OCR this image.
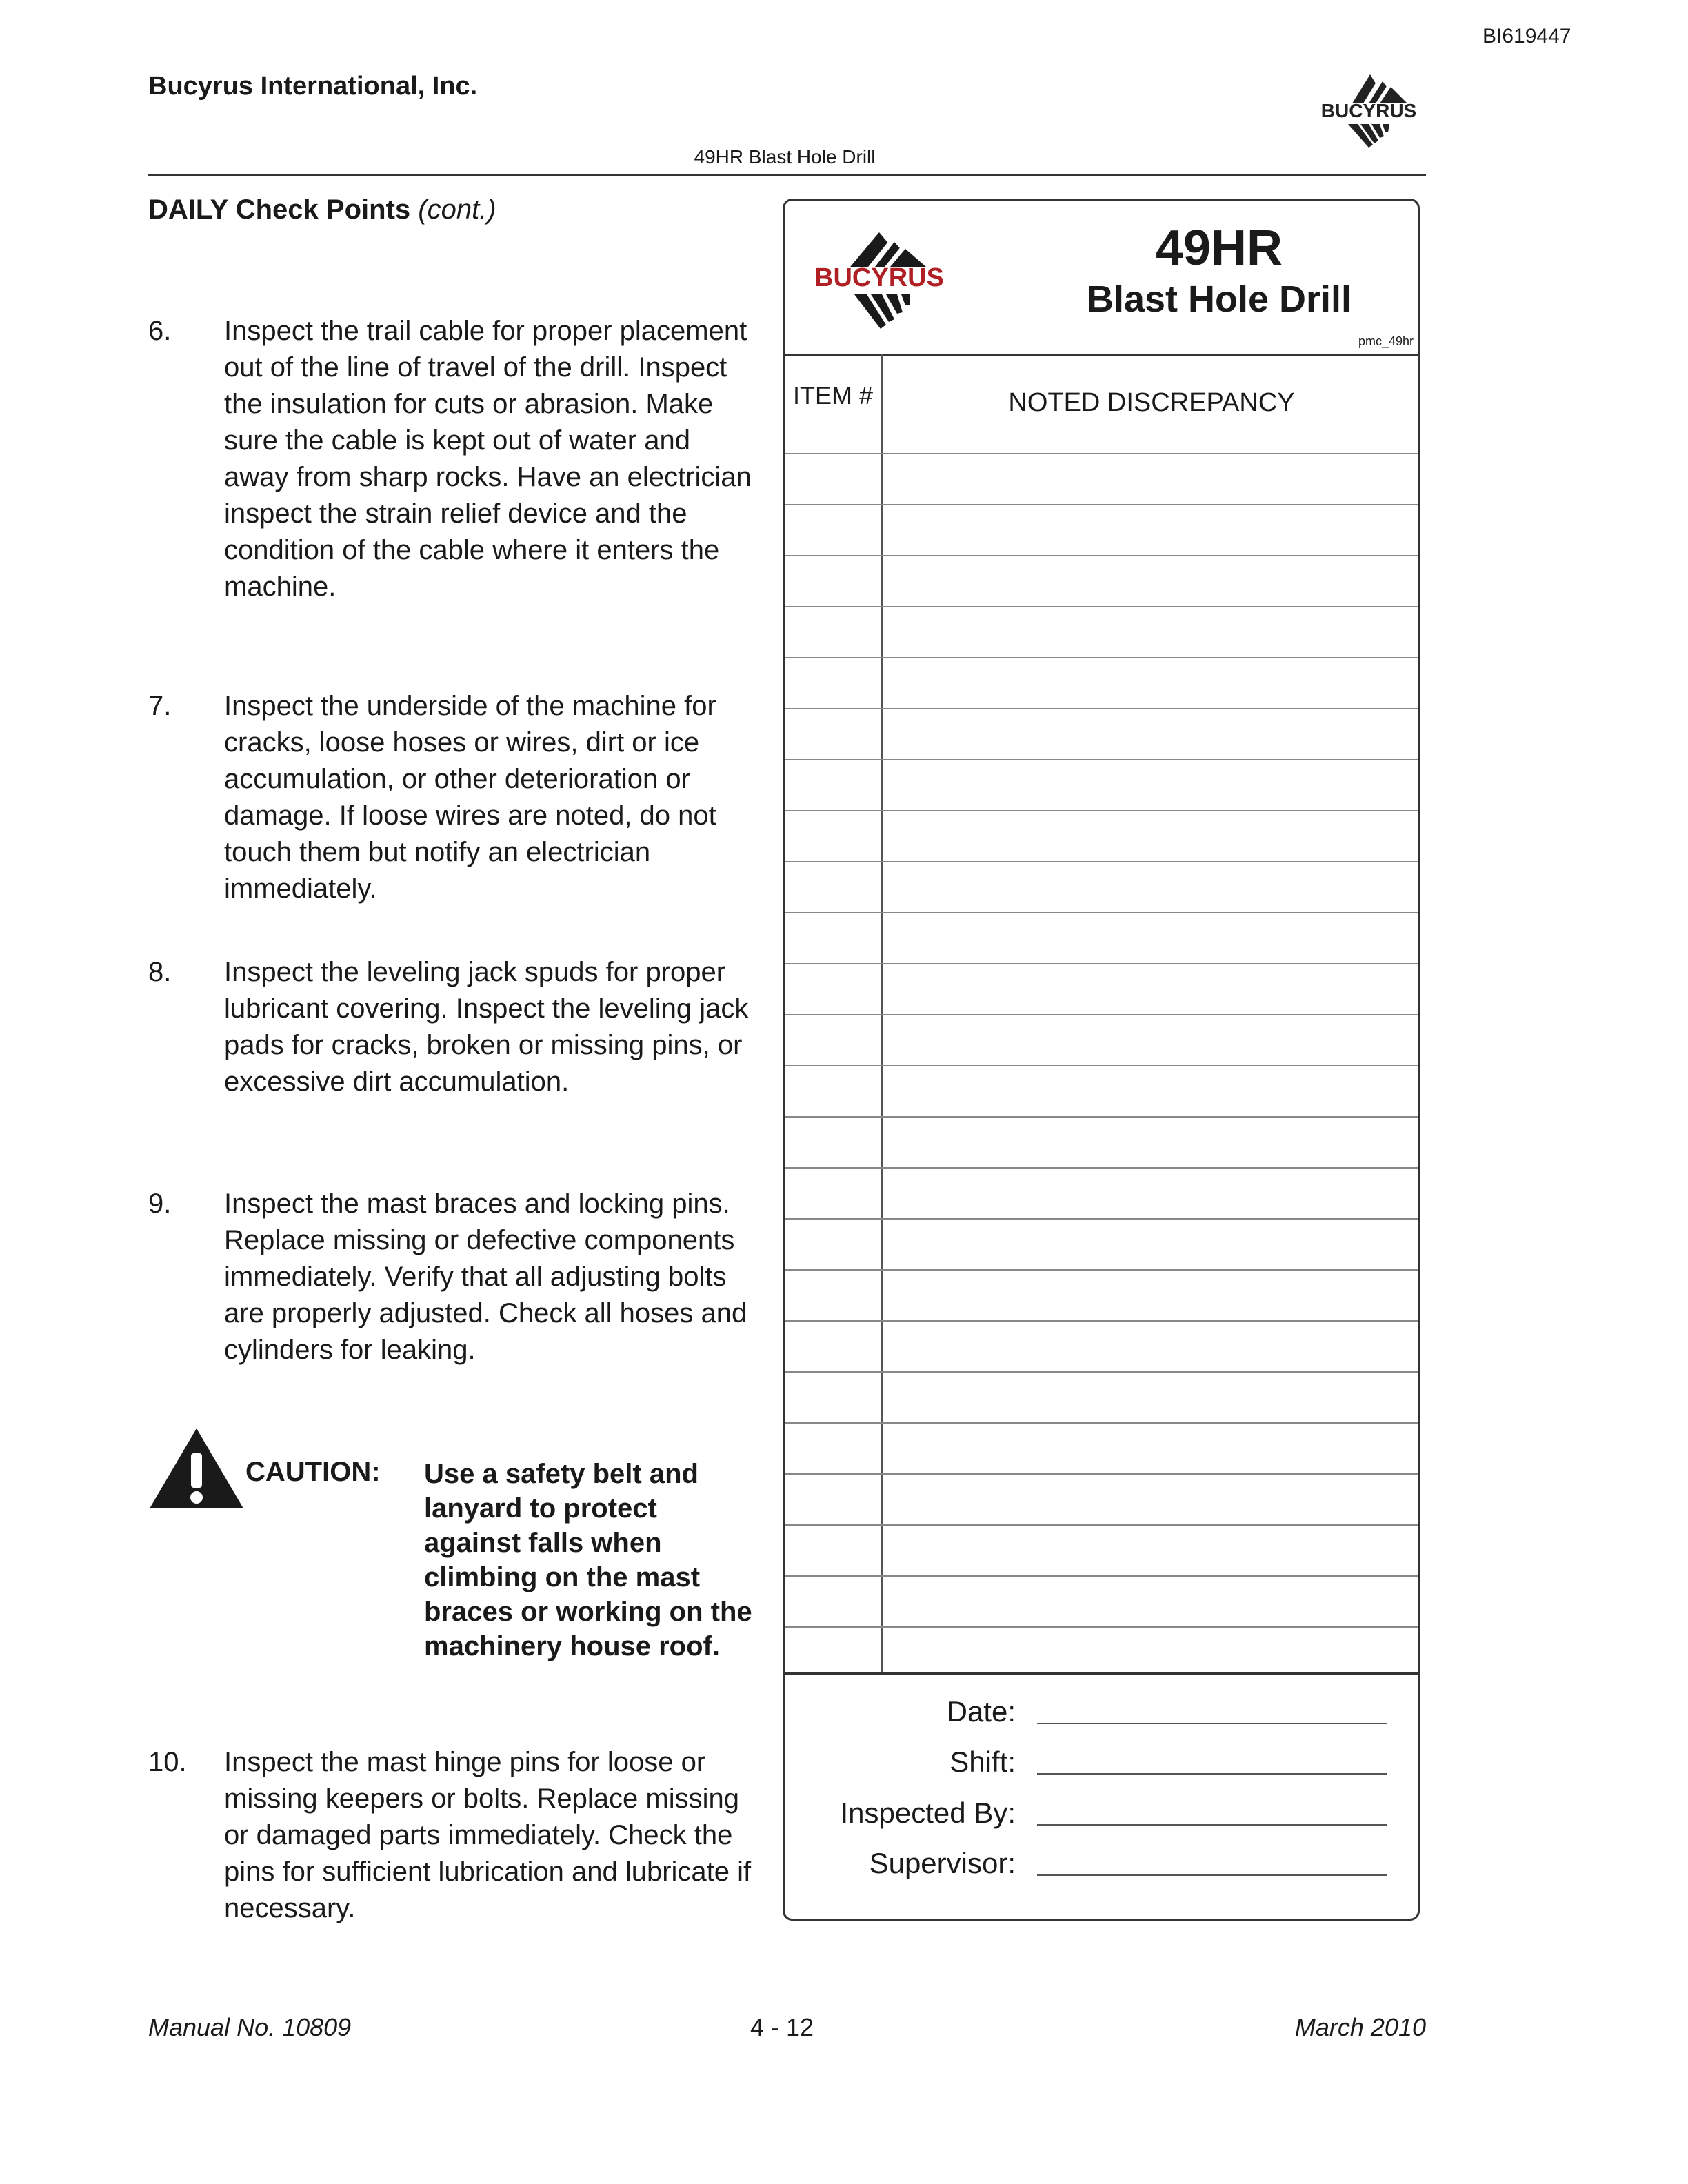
BI619447
Bucyrus International, Inc.
BUCYRUS
49HR Blast Hole Drill
DAILY Check Points (cont.)
6. Inspect the trail cable for proper placement out of the line of travel of the drill. Inspect the insulation for cuts or abrasion. Make sure the cable is kept out of water and away from sharp rocks. Have an electrician inspect the strain relief device and the condition of the cable where it enters the machine.
7. Inspect the underside of the machine for cracks, loose hoses or wires, dirt or ice accumulation, or other deterioration or damage. If loose wires are noted, do not touch them but notify an electrician immediately.
8. Inspect the leveling jack spuds for proper lubricant covering. Inspect the leveling jack pads for cracks, broken or missing pins, or excessive dirt accumulation.
9. Inspect the mast braces and locking pins. Replace missing or defective components immediately. Verify that all adjusting bolts are properly adjusted. Check all hoses and cylinders for leaking.
CAUTION: Use a safety belt and lanyard to protect against falls when climbing on the mast braces or working on the machinery house roof.
10. Inspect the mast hinge pins for loose or missing keepers or bolts. Replace missing or damaged parts immediately. Check the pins for sufficient lubrication and lubricate if necessary.
BUCYRUS
49HR
Blast Hole Drill
pmc_49hr
ITEM #	NOTED DISCREPANCY
Date:
Shift:
Inspected By:
Supervisor:
Manual No. 10809	4 - 12	March 2010
